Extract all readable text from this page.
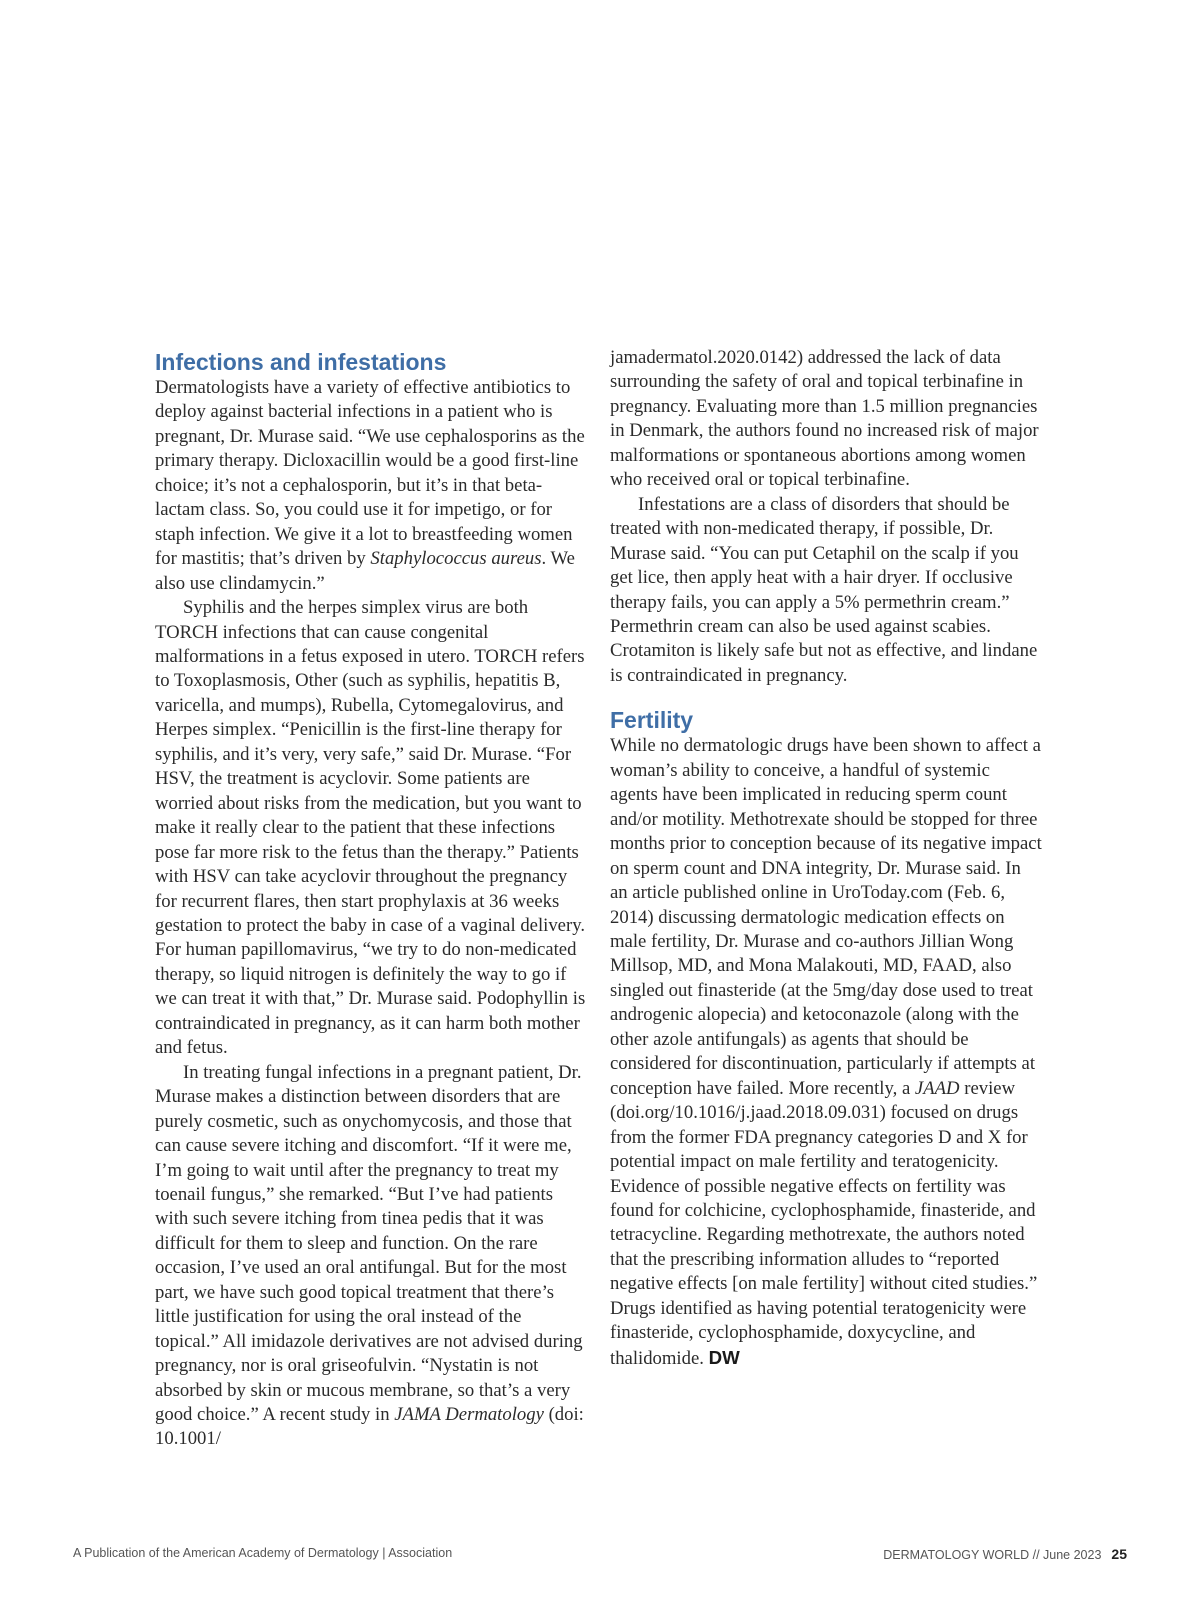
Infections and infestations

Dermatologists have a variety of effective antibiotics to deploy against bacterial infections in a patient who is pregnant, Dr. Murase said. “We use cephalosporins as the primary therapy. Dicloxacillin would be a good first-line choice; it’s not a cephalosporin, but it’s in that beta-lactam class. So, you could use it for impetigo, or for staph infection. We give it a lot to breastfeeding women for mastitis; that’s driven by Staphylococcus aureus. We also use clindamycin.”

Syphilis and the herpes simplex virus are both TORCH infections that can cause congenital malformations in a fetus exposed in utero. TORCH refers to Toxoplasmosis, Other (such as syphilis, hepatitis B, varicella, and mumps), Rubella, Cytomegalovirus, and Herpes simplex. “Penicillin is the first-line therapy for syphilis, and it’s very, very safe,” said Dr. Murase. “For HSV, the treatment is acyclovir. Some patients are worried about risks from the medication, but you want to make it really clear to the patient that these infections pose far more risk to the fetus than the therapy.” Patients with HSV can take acyclovir throughout the pregnancy for recurrent flares, then start prophylaxis at 36 weeks gestation to protect the baby in case of a vaginal delivery. For human papillomavirus, “we try to do non-medicated therapy, so liquid nitrogen is definitely the way to go if we can treat it with that,” Dr. Murase said. Podophyllin is contraindicated in pregnancy, as it can harm both mother and fetus.

In treating fungal infections in a pregnant patient, Dr. Murase makes a distinction between disorders that are purely cosmetic, such as onychomycosis, and those that can cause severe itching and discomfort. “If it were me, I’m going to wait until after the pregnancy to treat my toenail fungus,” she remarked. “But I’ve had patients with such severe itching from tinea pedis that it was difficult for them to sleep and function. On the rare occasion, I’ve used an oral antifungal. But for the most part, we have such good topical treatment that there’s little justification for using the oral instead of the topical.” All imidazole derivatives are not advised during pregnancy, nor is oral griseofulvin. “Nystatin is not absorbed by skin or mucous membrane, so that’s a very good choice.” A recent study in JAMA Dermatology (doi: 10.1001/

jamadermatol.2020.0142) addressed the lack of data surrounding the safety of oral and topical terbinafine in pregnancy. Evaluating more than 1.5 million pregnancies in Denmark, the authors found no increased risk of major malformations or spontaneous abortions among women who received oral or topical terbinafine.

Infestations are a class of disorders that should be treated with non-medicated therapy, if possible, Dr. Murase said. “You can put Cetaphil on the scalp if you get lice, then apply heat with a hair dryer. If occlusive therapy fails, you can apply a 5% permethrin cream.” Permethrin cream can also be used against scabies. Crotamiton is likely safe but not as effective, and lindane is contraindicated in pregnancy.

Fertility

While no dermatologic drugs have been shown to affect a woman’s ability to conceive, a handful of systemic agents have been implicated in reducing sperm count and/or motility. Methotrexate should be stopped for three months prior to conception because of its negative impact on sperm count and DNA integrity, Dr. Murase said. In an article published online in UroToday.com (Feb. 6, 2014) discussing dermatologic medication effects on male fertility, Dr. Murase and co-authors Jillian Wong Millsop, MD, and Mona Malakouti, MD, FAAD, also singled out finasteride (at the 5mg/day dose used to treat androgenic alopecia) and ketoconazole (along with the other azole antifungals) as agents that should be considered for discontinuation, particularly if attempts at conception have failed. More recently, a JAAD review (doi.org/10.1016/j.jaad.2018.09.031) focused on drugs from the former FDA pregnancy categories D and X for potential impact on male fertility and teratogenicity. Evidence of possible negative effects on fertility was found for colchicine, cyclophosphamide, finasteride, and tetracycline. Regarding methotrexate, the authors noted that the prescribing information alludes to “reported negative effects [on male fertility] without cited studies.” Drugs identified as having potential teratogenicity were finasteride, cyclophosphamide, doxycycline, and thalidomide. DW

A Publication of the American Academy of Dermatology | Association	DERMATOLOGY WORLD // June 2023 25
